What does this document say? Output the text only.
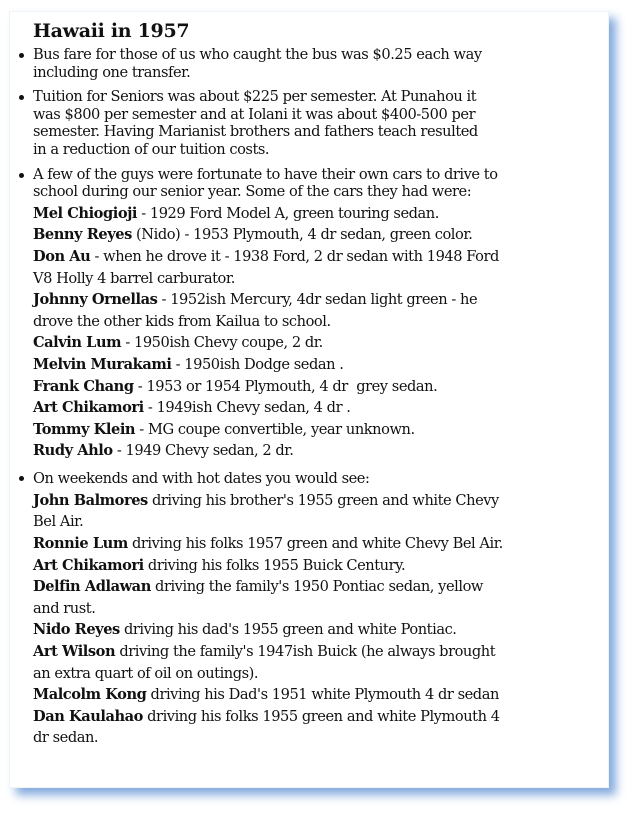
Hawaii in 1957
Bus fare for those of us who caught the bus was $0.25 each way
including one transfer.
Tuition for Seniors was about $225 per semester. At Punahou it
was $800 per semester and at Iolani it was about $400-500 per
semester. Having Marianist brothers and fathers teach resulted
in a reduction of our tuition costs.
A few of the guys were fortunate to have their own cars to drive to
school during our senior year. Some of the cars they had were:
Mel Chiogioji - 1929 Ford Model A, green touring sedan.
Benny Reyes (Nido) - 1953 Plymouth, 4 dr sedan, green color.
Don Au - when he drove it - 1938 Ford, 2 dr sedan with 1948 Ford
V8 Holly 4 barrel carburator.
Johnny Ornellas - 1952ish Mercury, 4dr sedan light green - he
drove the other kids from Kailua to school.
Calvin Lum - 1950ish Chevy coupe, 2 dr.
Melvin Murakami - 1950ish Dodge sedan .
Frank Chang - 1953 or 1954 Plymouth, 4 dr  grey sedan.
Art Chikamori - 1949ish Chevy sedan, 4 dr .
Tommy Klein - MG coupe convertible, year unknown.
Rudy Ahlo - 1949 Chevy sedan, 2 dr.
On weekends and with hot dates you would see:
John Balmores driving his brother's 1955 green and white Chevy
Bel Air.
Ronnie Lum driving his folks 1957 green and white Chevy Bel Air.
Art Chikamori driving his folks 1955 Buick Century.
Delfin Adlawan driving the family's 1950 Pontiac sedan, yellow
and rust.
Nido Reyes driving his dad's 1955 green and white Pontiac.
Art Wilson driving the family's 1947ish Buick (he always brought
an extra quart of oil on outings).
Malcolm Kong driving his Dad's 1951 white Plymouth 4 dr sedan
Dan Kaulahao driving his folks 1955 green and white Plymouth 4
dr sedan.
